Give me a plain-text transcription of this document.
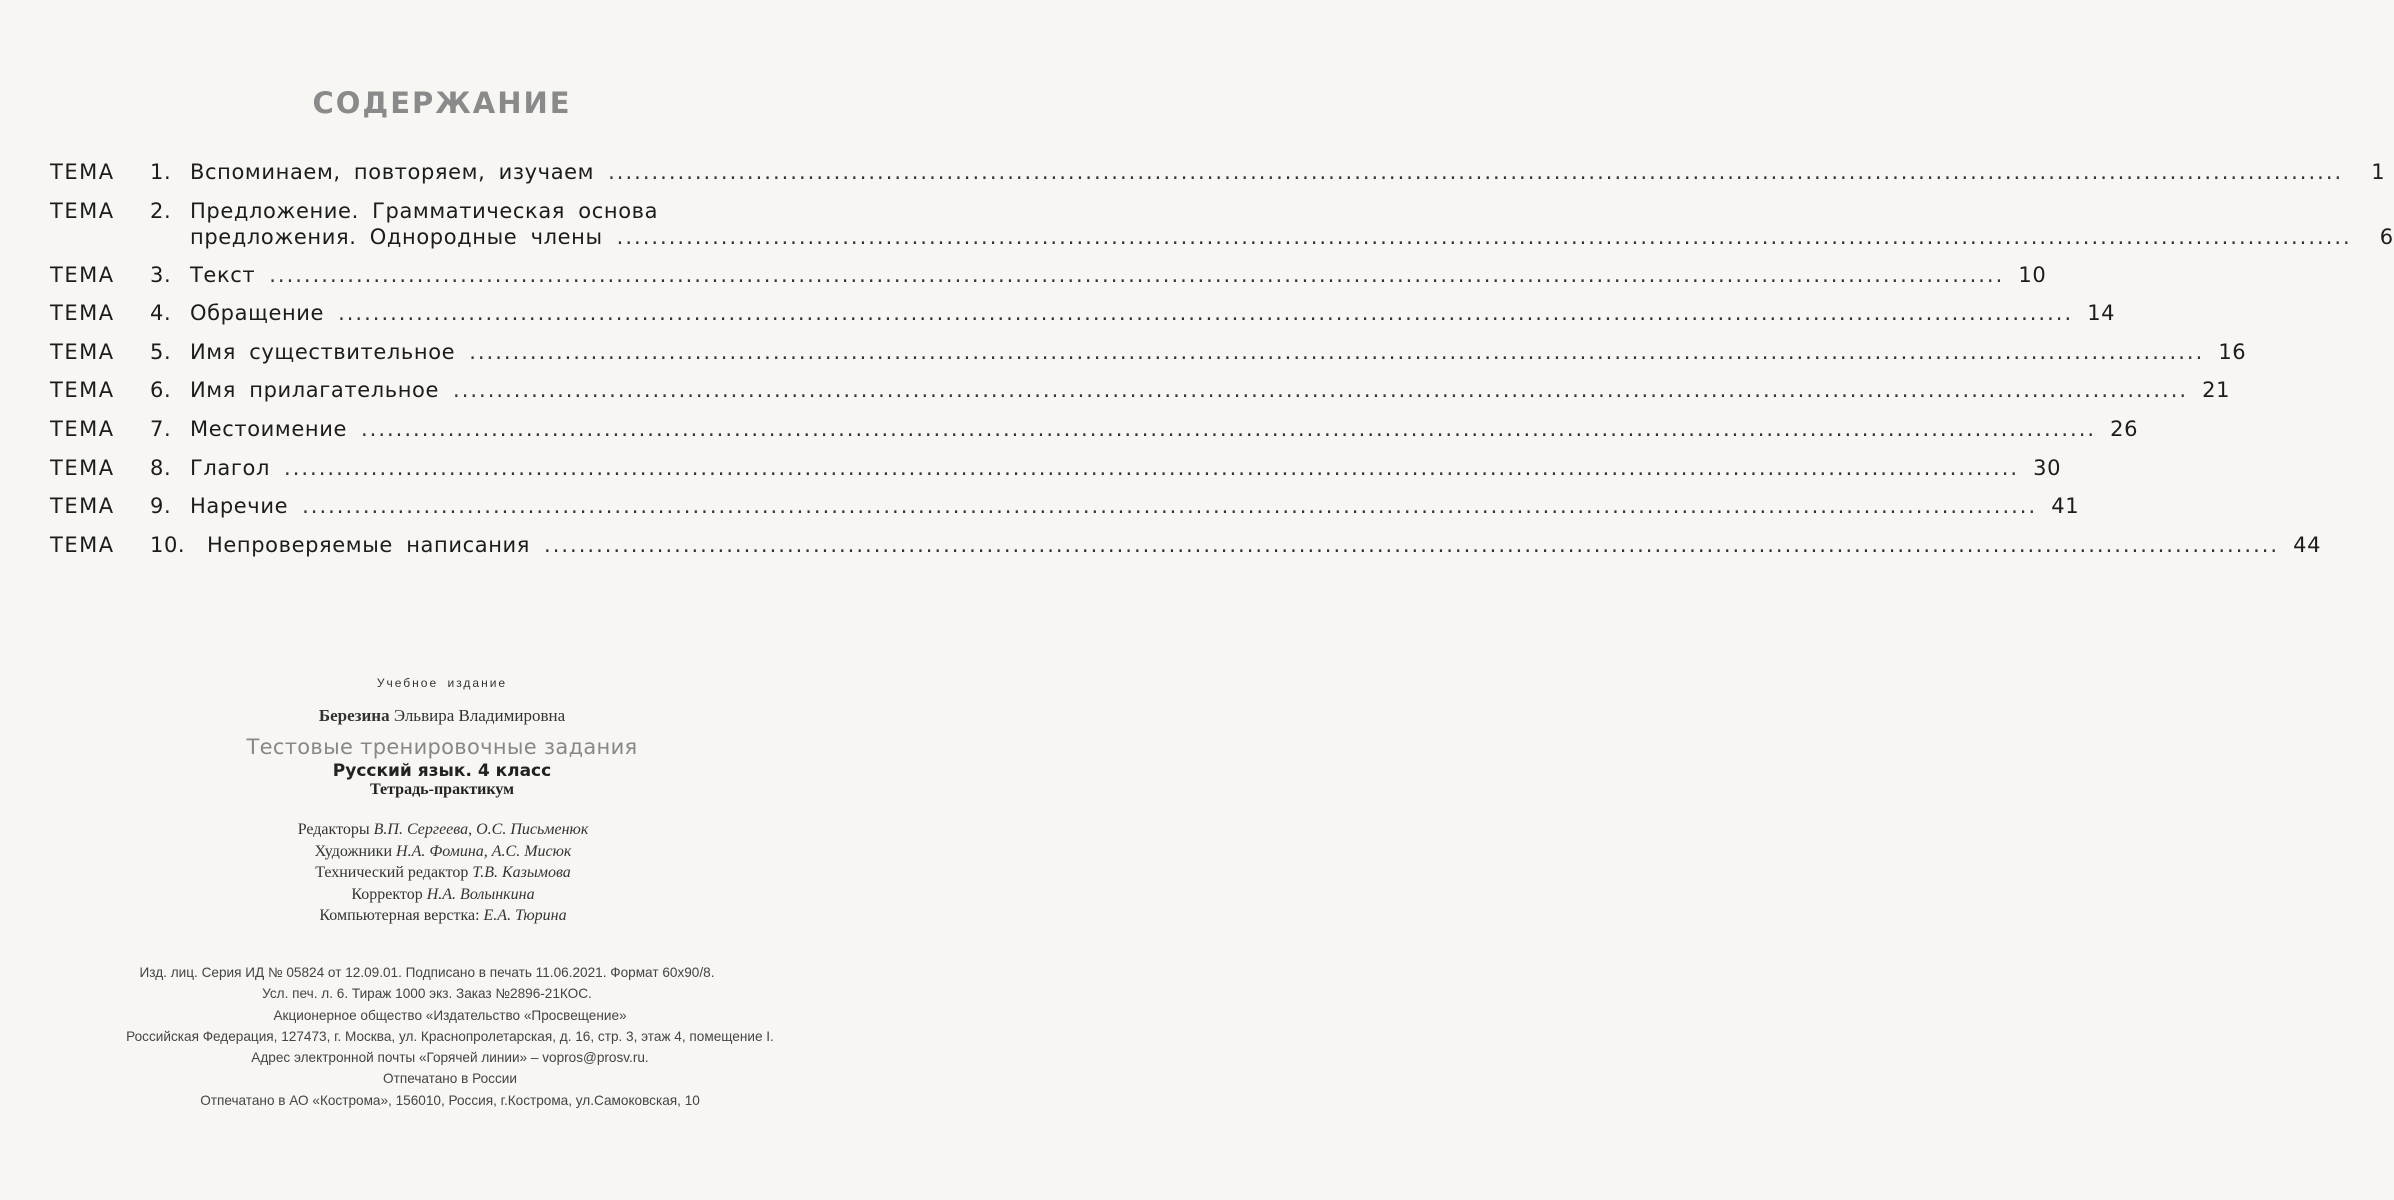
СОДЕРЖАНИЕ
ТЕМА	1. Вспоминаем, повторяем, изучаем ........................................................................................................................................................................................................	1
ТЕМА	2. Предложение. Грамматическая основа
предложения. Однородные члены ........................................................................................................................................................................................................	6
ТЕМА	3. Текст ........................................................................................................................................................................................................ 10
ТЕМА	4. Обращение ........................................................................................................................................................................................................ 14
ТЕМА	5. Имя существительное ........................................................................................................................................................................................................ 16
ТЕМА	6. Имя прилагательное ........................................................................................................................................................................................................ 21
ТЕМА	7. Местоимение ........................................................................................................................................................................................................ 26
ТЕМА	8. Глагол ........................................................................................................................................................................................................ 30
ТЕМА	9. Наречие ........................................................................................................................................................................................................ 41
ТЕМА	10.	Непроверяемые написания ........................................................................................................................................................................................................ 44
Учебное издание
Березина Эльвира Владимировна
Тестовые тренировочные задания
Русский язык. 4 класс
Тетрадь-практикум
Редакторы В.П. Сергеева, О.С. Письменюк
Художники Н.А. Фомина, А.С. Мисюк
Технический редактор Т.В. Казымова
Корректор Н.А. Волынкина
Компьютерная верстка: Е.А. Тюрина
Изд. лиц. Серия ИД № 05824 от 12.09.01. Подписано в печать 11.06.2021. Формат 60x90/8.
Усл. печ. л. 6. Тираж 1000 экз. Заказ №2896-21КОС.
Акционерное общество «Издательство «Просвещение»
Российская Федерация, 127473, г. Москва, ул. Краснопролетарская, д. 16, стр. 3, этаж 4, помещение I.
Адрес электронной почты «Горячей линии» – vopros@prosv.ru.
Отпечатано в России
Отпечатано в АО «Кострома», 156010, Россия, г.Кострома, ул.Самоковская, 10
